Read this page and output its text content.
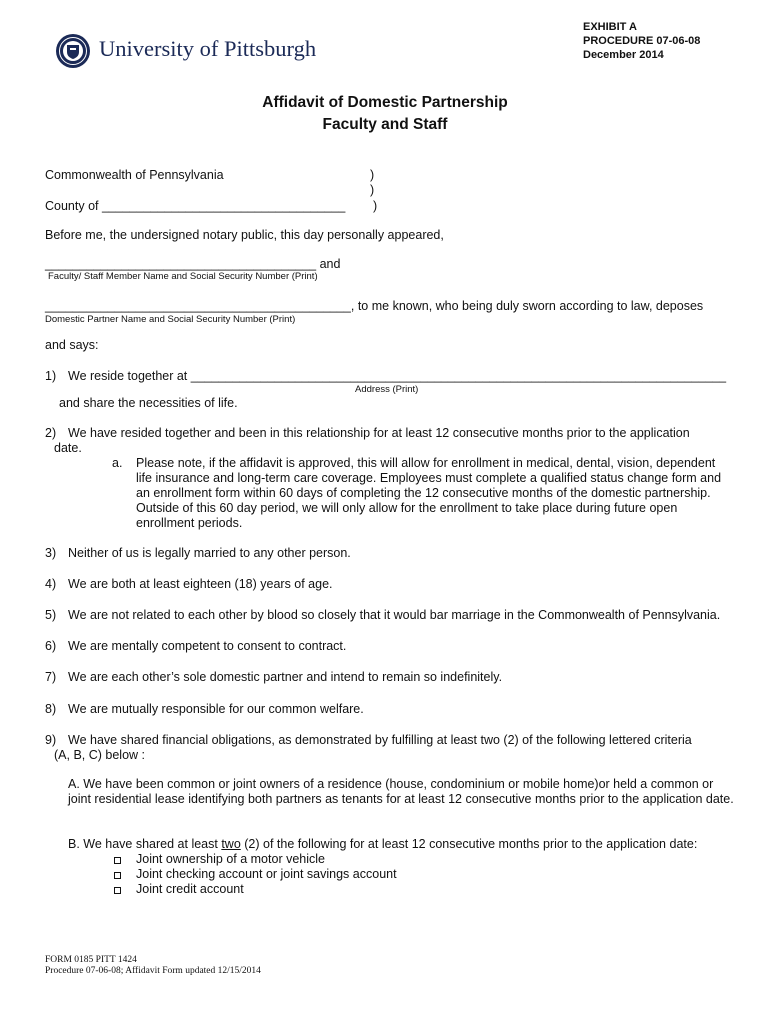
University of Pittsburgh
EXHIBIT A
PROCEDURE 07-06-08
December 2014
Affidavit of Domestic Partnership
Faculty and Staff
Commonwealth of Pennsylvania	)
)
County of ___________________________________ )
Before me, the undersigned notary public, this day personally appeared,
_______________________________________ and
Faculty/ Staff Member Name and Social Security Number (Print)
____________________________________________, to me known, who being duly sworn according to law, deposes
Domestic Partner Name and Social Security Number (Print)
and says:
1) We reside together at _____________________________________________________________________________
Address (Print)
and share the necessities of life.
2) We have resided together and been in this relationship for at least 12 consecutive months prior to the application
date.
a. Please note, if the affidavit is approved, this will allow for enrollment in medical, dental, vision, dependent life insurance and long-term care coverage. Employees must complete a qualified status change form and an enrollment form within 60 days of completing the 12 consecutive months of the domestic partnership. Outside of this 60 day period, we will only allow for the enrollment to take place during future open enrollment periods.
3) Neither of us is legally married to any other person.
4) We are both at least eighteen (18) years of age.
5) We are not related to each other by blood so closely that it would bar marriage in the Commonwealth of Pennsylvania.
6) We are mentally competent to consent to contract.
7) We are each other’s sole domestic partner and intend to remain so indefinitely.
8) We are mutually responsible for our common welfare.
9) We have shared financial obligations, as demonstrated by fulfilling at least two (2) of the following lettered criteria
(A, B, C) below :
A. We have been common or joint owners of a residence (house, condominium or mobile home)or held a common or joint residential lease identifying both partners as tenants for at least 12 consecutive months prior to the application date.
B. We have shared at least two (2) of the following for at least 12 consecutive months prior to the application date:
Joint ownership of a motor vehicle
Joint checking account or joint savings account
Joint credit account
FORM 0185 PITT 1424
Procedure 07-06-08; Affidavit Form updated 12/15/2014
